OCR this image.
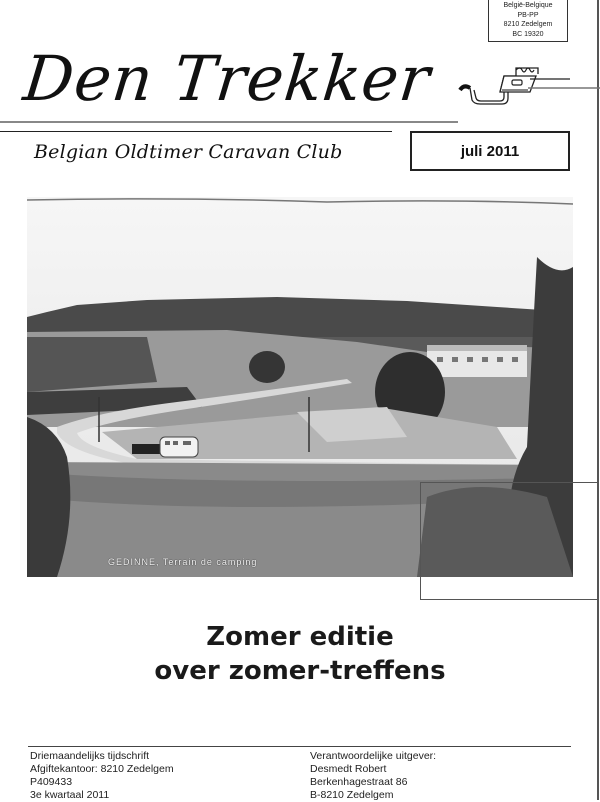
België-Belgique
PB-PP
8210 Zedelgem
BC 19320
Den Trekker
Belgian Oldtimer Caravan Club	juli 2011
GEDINNE, Terrain de camping
Zomer editie
over zomer-treffens
Driemaandelijks tijdschrift
Afgiftekantoor: 8210 Zedelgem
P409433
3e kwartaal 2011
Verantwoordelijke uitgever:
Desmedt Robert
Berkenhagestraat 86
B-8210 Zedelgem
